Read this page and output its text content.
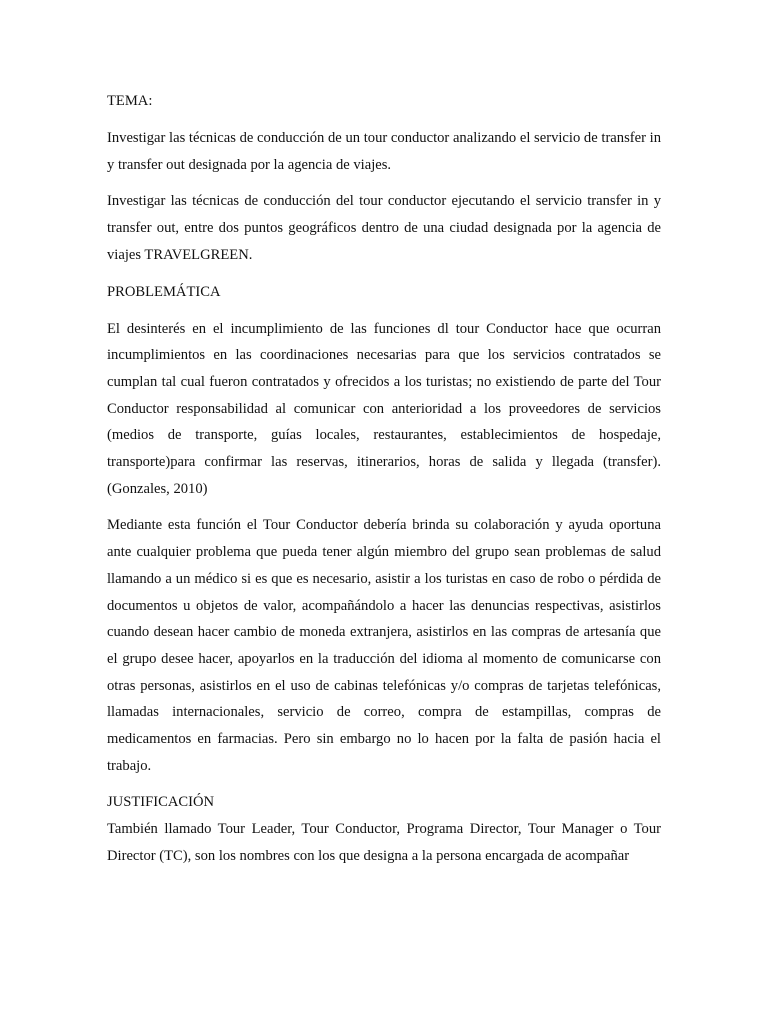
TEMA:

Investigar las técnicas de conducción de un tour conductor analizando el servicio de transfer in y transfer out designada por la agencia de viajes.

Investigar las técnicas de conducción del tour conductor ejecutando el servicio transfer in y transfer out, entre dos puntos geográficos dentro de una ciudad designada por la agencia de viajes TRAVELGREEN.

PROBLEMÁTICA

El desinterés en el incumplimiento de las funciones dl tour Conductor hace que ocurran incumplimientos en las coordinaciones necesarias para que los servicios contratados se cumplan tal cual fueron contratados y ofrecidos a los turistas; no existiendo de parte del Tour Conductor responsabilidad al comunicar con anterioridad a los proveedores de servicios (medios de transporte, guías locales, restaurantes, establecimientos de hospedaje, transporte)para confirmar las reservas, itinerarios, horas de salida y llegada (transfer). (Gonzales, 2010)

Mediante esta función el Tour Conductor debería brinda su colaboración y ayuda oportuna ante cualquier problema que pueda tener algún miembro del grupo sean problemas de salud llamando a un médico si es que es necesario, asistir a los turistas en caso de robo o pérdida de documentos u objetos de valor, acompañándolo a hacer las denuncias respectivas, asistirlos cuando desean hacer cambio de moneda extranjera, asistirlos en las compras de artesanía que el grupo desee hacer, apoyarlos en la traducción del idioma al momento de comunicarse con otras personas, asistirlos en el uso de cabinas telefónicas y/o compras de tarjetas telefónicas, llamadas internacionales, servicio de correo, compra de estampillas, compras de medicamentos en farmacias. Pero sin embargo no lo hacen por la falta de pasión hacia el trabajo.

JUSTIFICACIÓN

También llamado Tour Leader, Tour Conductor, Programa Director, Tour Manager o Tour Director (TC), son los nombres con los que designa a la persona encargada de acompañar
